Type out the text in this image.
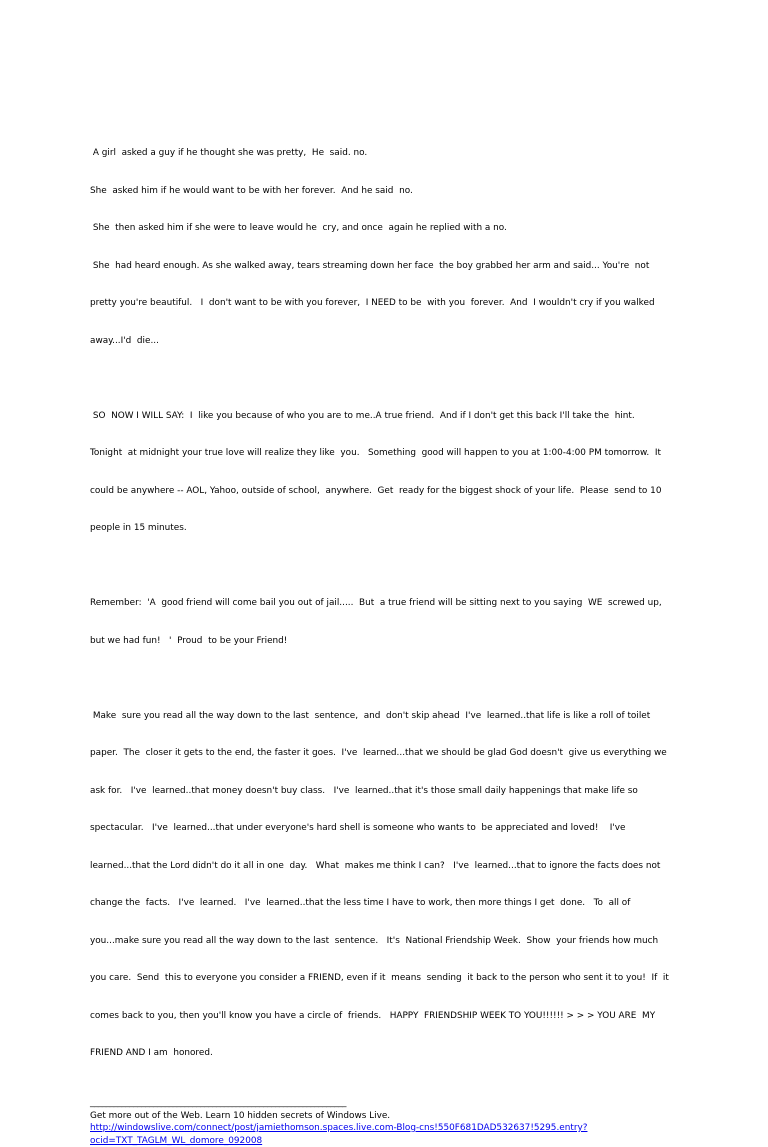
A girl  asked a guy if he thought she was pretty,  He  said. no.

She  asked him if he would want to be with her forever.  And he said  no.

She  then asked him if she were to leave would he  cry, and once  again he replied with a no.

She  had heard enough. As she walked away, tears streaming down her face  the boy grabbed her arm and said... You're  not

pretty you're beautiful.   I  don't want to be with you forever,  I NEED to be  with you  forever.  And  I wouldn't cry if you walked

away...I'd  die...

SO  NOW I WILL SAY:  I  like you because of who you are to me..A true friend.  And if I don't get this back I'll take the  hint.

Tonight  at midnight your true love will realize they like  you.   Something  good will happen to you at 1:00-4:00 PM tomorrow.  It

could be anywhere -- AOL, Yahoo, outside of school,  anywhere.  Get  ready for the biggest shock of your life.  Please  send to 10

people in 15 minutes.

Remember:  'A  good friend will come bail you out of jail.....  But  a true friend will be sitting next to you saying  WE  screwed up,

but we had fun!   '  Proud  to be your Friend!

Make  sure you read all the way down to the last  sentence,  and  don't skip ahead  I've  learned..that life is like a roll of toilet

paper.  The  closer it gets to the end, the faster it goes.  I've  learned...that we should be glad God doesn't  give us everything we

ask for.   I've  learned..that money doesn't buy class.   I've  learned..that it's those small daily happenings that make life so

spectacular.   I've  learned...that under everyone's hard shell is someone who wants to  be appreciated and loved!    I've

learned...that the Lord didn't do it all in one  day.   What  makes me think I can?   I've  learned...that to ignore the facts does not

change the  facts.   I've  learned.   I've  learned..that the less time I have to work, then more things I get  done.   To  all of

you...make sure you read all the way down to the last  sentence.   It's  National Friendship Week.  Show  your friends how much

you care.  Send  this to everyone you consider a FRIEND, even if it  means  sending  it back to the person who sent it to you!  If  it

comes back to you, then you'll know you have a circle of  friends.   HAPPY  FRIENDSHIP WEEK TO YOU!!!!!! > > > YOU ARE  MY

FRIEND AND I am  honored.

_________________________________________________________________
Get more out of the Web. Learn 10 hidden secrets of Windows Live.
http://windowslive.com/connect/post/jamiethomson.spaces.live.com-Blog-cns!550F681DAD532637!5295.entry?
ocid=TXT_TAGLM_WL_domore_092008
